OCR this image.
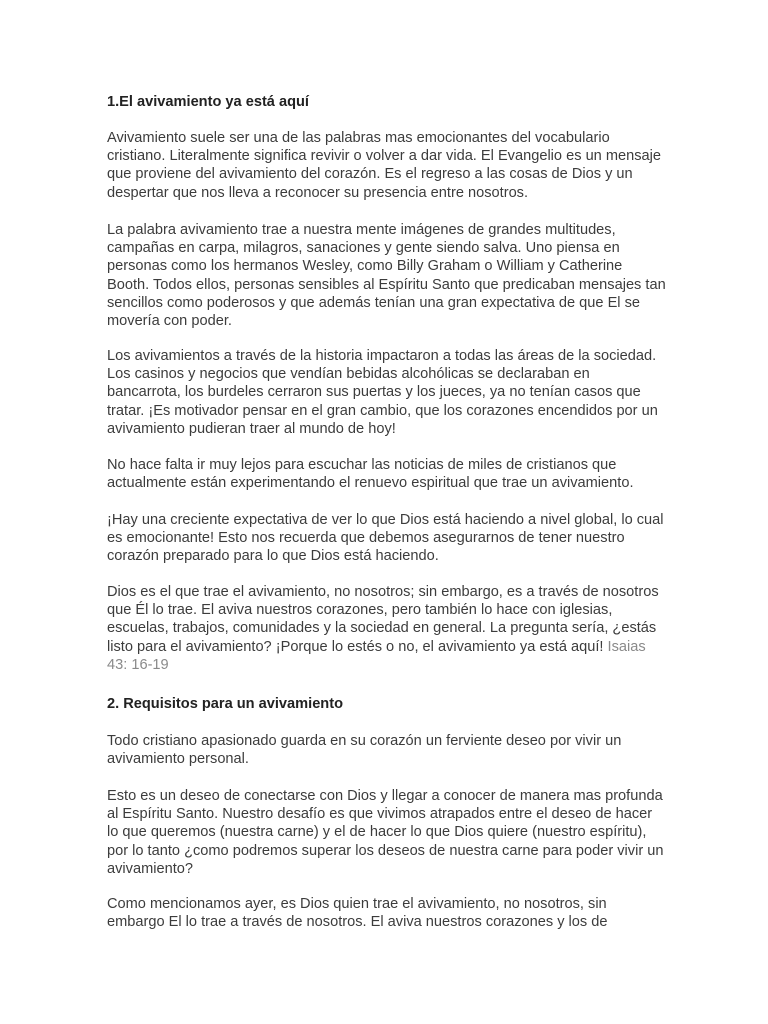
1.El avivamiento ya está aquí

Avivamiento suele ser una de las palabras mas emocionantes del vocabulario cristiano. Literalmente significa revivir o volver a dar vida. El Evangelio es un mensaje que proviene del avivamiento del corazón. Es el regreso a las cosas de Dios y un despertar que nos lleva a reconocer su presencia entre nosotros.

La palabra avivamiento trae a nuestra mente imágenes de grandes multitudes, campañas en carpa, milagros, sanaciones y gente siendo salva. Uno piensa en personas como los hermanos Wesley, como Billy Graham o William y Catherine Booth. Todos ellos, personas sensibles al Espíritu Santo que predicaban mensajes tan sencillos como poderosos y que además tenían una gran expectativa de que El se movería con poder.

Los avivamientos a través de la historia impactaron a todas las áreas de la sociedad. Los casinos y negocios que vendían bebidas alcohólicas se declaraban en bancarrota, los burdeles cerraron sus puertas y los jueces, ya no tenían casos que tratar. ¡Es motivador pensar en el gran cambio, que los corazones encendidos por un avivamiento pudieran traer al mundo de hoy!

No hace falta ir muy lejos para escuchar las noticias de miles de cristianos que actualmente están experimentando el renuevo espiritual que trae un avivamiento.

¡Hay una creciente expectativa de ver lo que Dios está haciendo a nivel global, lo cual es emocionante! Esto nos recuerda que debemos asegurarnos de tener nuestro corazón preparado para lo que Dios está haciendo.

Dios es el que trae el avivamiento, no nosotros; sin embargo, es a través de nosotros que Él lo trae. El aviva nuestros corazones, pero también lo hace con iglesias, escuelas, trabajos, comunidades y la sociedad en general. La pregunta sería, ¿estás listo para el avivamiento? ¡Porque lo estés o no, el avivamiento ya está aquí! Isaias 43: 16-19

2. Requisitos para un avivamiento

Todo cristiano apasionado guarda en su corazón un ferviente deseo por vivir un avivamiento personal.

Esto es un deseo de conectarse con Dios y llegar a conocer de manera mas profunda al Espíritu Santo. Nuestro desafío es que vivimos atrapados entre el deseo de hacer lo que queremos (nuestra carne) y el de hacer lo que Dios quiere (nuestro espíritu), por lo tanto ¿como podremos superar los deseos de nuestra carne para poder vivir un avivamiento?

Como mencionamos ayer, es Dios quien trae el avivamiento, no nosotros, sin embargo El lo trae a través de nosotros. El aviva nuestros corazones y los de
